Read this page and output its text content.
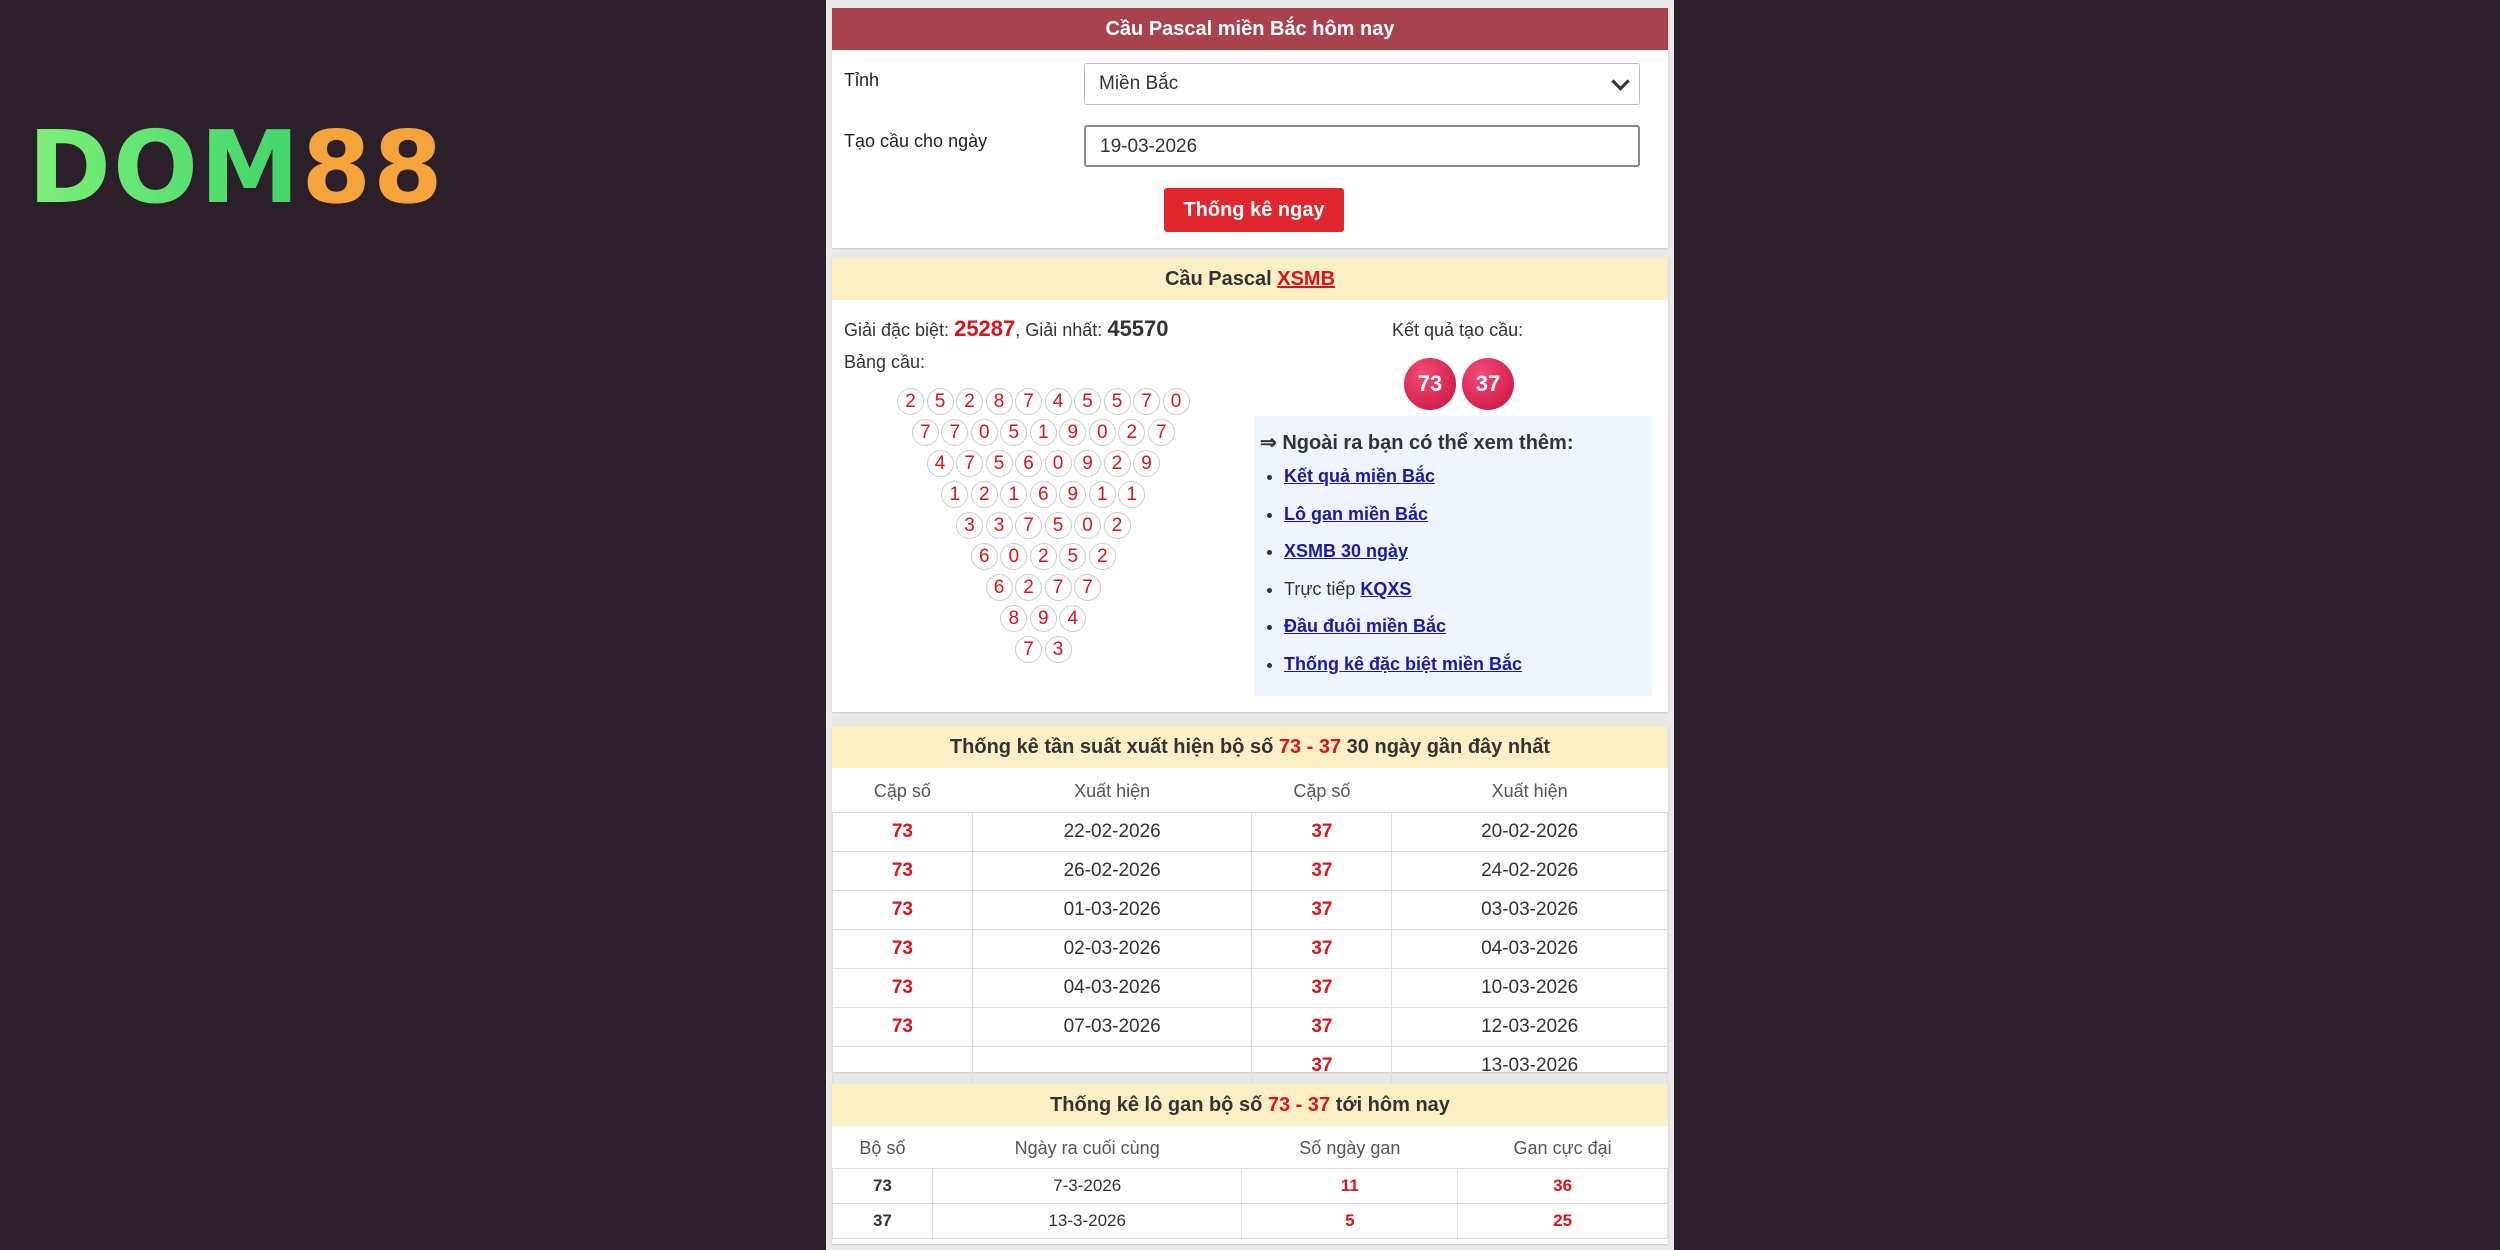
DOM88
Cầu Pascal miền Bắc hôm nay
Tỉnh	Miền Bắc
Tạo cầu cho ngày	19-03-2026
Thống kê ngay
Cầu Pascal XSMB
Giải đặc biệt: 25287, Giải nhất: 45570
Bảng cầu:
2 5 2 8 7 4 5 5 7 0
7 7 0 5 1 9 0 2 7
4 7 5 6 0 9 2 9
1 2 1 6 9 1 1
3 3 7 5 0 2
6 0 2 5 2
6 2 7 7
8 9 4
7 3
Kết quả tạo cầu:
73	37
⇒ Ngoài ra bạn có thể xem thêm:
• Kết quả miền Bắc
• Lô gan miền Bắc
• XSMB 30 ngày
• Trực tiếp KQXS
• Đầu đuôi miền Bắc
• Thống kê đặc biệt miền Bắc
Thống kê tần suất xuất hiện bộ số 73 - 37 30 ngày gần đây nhất
Cặp số	Xuất hiện	Cặp số	Xuất hiện
73	22-02-2026	37	20-02-2026
73	26-02-2026	37	24-02-2026
73	01-03-2026	37	03-03-2026
73	02-03-2026	37	04-03-2026
73	04-03-2026	37	10-03-2026
73	07-03-2026	37	12-03-2026
		37	13-03-2026
Thống kê lô gan bộ số 73 - 37 tới hôm nay
Bộ số	Ngày ra cuối cùng	Số ngày gan	Gan cực đại
73	7-3-2026	11	36
37	13-3-2026	5	25
